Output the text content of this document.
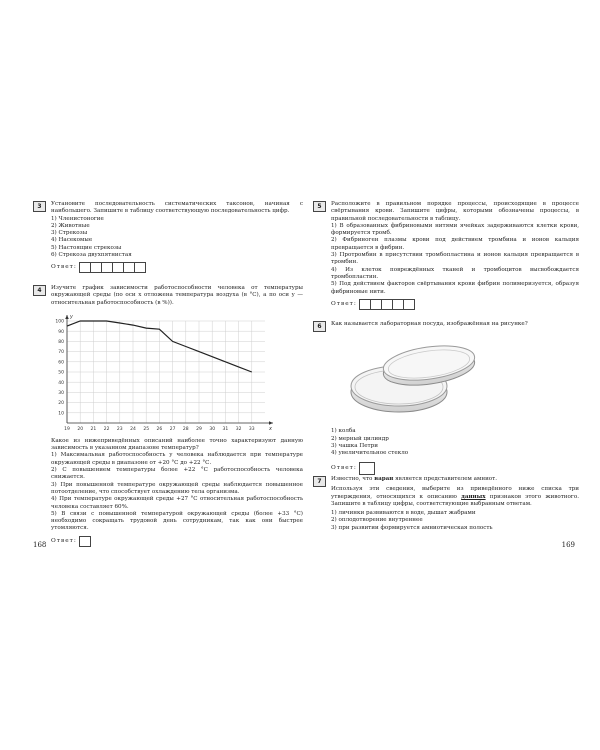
3	Установите последовательность систематических таксонов, начиная с наибольшего. Запишите в таблицу соответствующую последовательность цифр.

1) Членистоногие
2) Животные
3) Стрекозы
4) Насекомые
5) Настоящие стрекозы
6) Стрекоза двухпятнистая
Ответ:
4	Изучите график зависимости работоспособности человека от температуры окружающей среды (по оси x отложена температура воздуха (в °С), а по оси y — относительная работоспособность (в %)).

10
20
30
40
50
60
70
80
90
100
19 20 21 22 23 24 25 26 27 28 29 30 31 32 33
y
x

Какое из нижеприведённых описаний наиболее точно характеризуют данную зависимость в указанном диапазоне температур?

1) Максимальная работоспособность у человека наблюдается при температуре окружающей среды в диапазоне от +20 °С до +22 °С.
2) С повышением температуры более +22 °С работоспособность человека снижается.
3) При повышенной температуре окружающей среды наблюдается повышенное потоотделение, что способствует охлаждению тела организма.
4) При температуре окружающей среды +27 °С относительная работоспособность человека составляет 60%.
5) В связи с повышенной температурой окружающей среды (более +33 °С) необходимо сокращать трудовой день сотрудникам, так как они быстрее утомляются.
Ответ:
168
5	Расположите в правильном порядке процессы, происходящие в процессе свёртывания крови. Запишите цифры, которыми обозначены процессы, в правильной последовательности в таблицу.

1) В образованных фибриновыми нитями ячейках задерживаются клетки крови, формируется тромб.
2) Фибриноген плазмы крови под действием тромбина и ионов кальция превращается в фибрин.
3) Протромбин в присутствии тромбопластина и ионов кальция превращается в тромбин.
4) Из клеток повреждённых тканей и тромбоцитов высвобождается тромбопластин.
5) Под действием факторов свёртывания крови фибрин полимеризуется, образуя фибриновые нити.
Ответ:
6	Как называется лабораторная посуда, изображённая на рисунке?

1) колба
2) мерный цилиндр
3) чашка Петри
4) увеличительное стекло
Ответ:
7	Известно, что варан является представителем амниот.

Используя эти сведения, выберите из приведённого ниже списка три утверждения, относящихся к описанию данных признаков этого животного. Запишите в таблицу цифры, соответствующие выбранным ответам.

1) личинки развиваются в воде, дышат жабрами
2) оплодотворение внутреннее
3) при развитии формируется амниотическая полость
169
